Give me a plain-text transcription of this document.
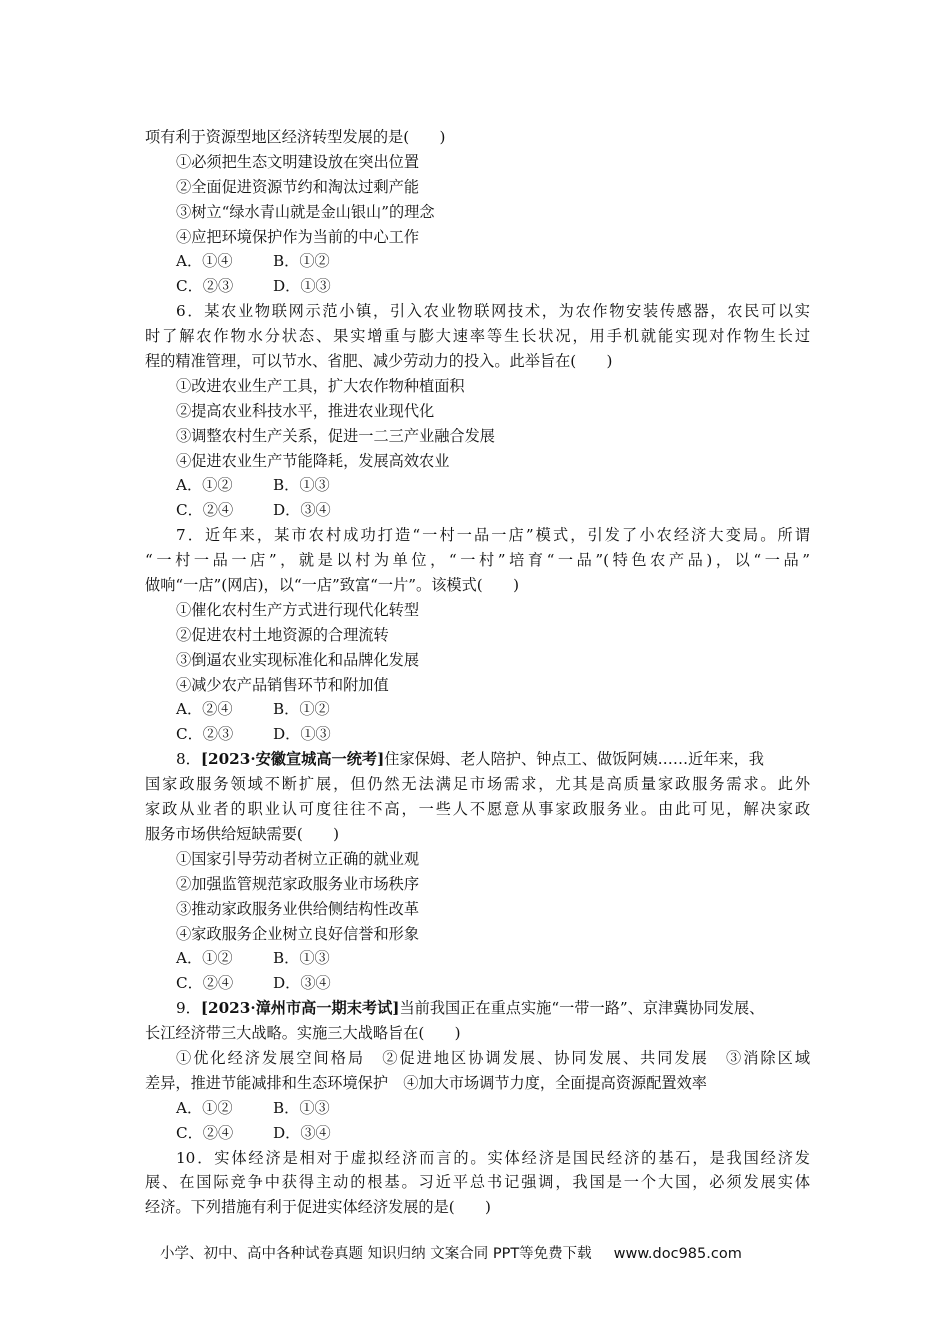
项有利于资源型地区经济转型发展的是(　　)
①必须把生态文明建设放在突出位置
②全面促进资源节约和淘汰过剩产能
③树立“绿水青山就是金山银山”的理念
④应把环境保护作为当前的中心工作
A．①④	B．①②
C．②③	D．①③
6．某农业物联网示范小镇，引入农业物联网技术，为农作物安装传感器，农民可以实
时了解农作物水分状态、果实增重与膨大速率等生长状况，用手机就能实现对作物生长过
程的精准管理，可以节水、省肥、减少劳动力的投入。此举旨在(　　)
①改进农业生产工具，扩大农作物种植面积
②提高农业科技水平，推进农业现代化
③调整农村生产关系，促进一二三产业融合发展
④促进农业生产节能降耗，发展高效农业
A．①②	B．①③
C．②④	D．③④
7．近年来，某市农村成功打造“一村一品一店”模式，引发了小农经济大变局。所谓
“一村一品一店”，就是以村为单位，“一村”培育“一品”(特色农产品)，以“一品”
做响“一店”(网店)，以“一店”致富“一片”。该模式(　　)
①催化农村生产方式进行现代化转型
②促进农村土地资源的合理流转
③倒逼农业实现标准化和品牌化发展
④减少农产品销售环节和附加值
A．②④	B．①②
C．②③	D．①③
8．[2023·安徽宣城高一统考]住家保姆、老人陪护、钟点工、做饭阿姨……近年来，我
国家政服务领域不断扩展，但仍然无法满足市场需求，尤其是高质量家政服务需求。此外
家政从业者的职业认可度往往不高，一些人不愿意从事家政服务业。由此可见，解决家政
服务市场供给短缺需要(　　)
①国家引导劳动者树立正确的就业观
②加强监管规范家政服务业市场秩序
③推动家政服务业供给侧结构性改革
④家政服务企业树立良好信誉和形象
A．①②	B．①③
C．②④	D．③④
9．[2023·漳州市高一期末考试]当前我国正在重点实施“一带一路”、京津冀协同发展、
长江经济带三大战略。实施三大战略旨在(　　)
①优化经济发展空间格局　②促进地区协调发展、协同发展、共同发展　③消除区域
差异，推进节能减排和生态环境保护　④加大市场调节力度，全面提高资源配置效率
A．①②	B．①③
C．②④	D．③④
10．实体经济是相对于虚拟经济而言的。实体经济是国民经济的基石，是我国经济发
展、在国际竞争中获得主动的根基。习近平总书记强调，我国是一个大国，必须发展实体
经济。下列措施有利于促进实体经济发展的是(　　)
小学、初中、高中各种试卷真题 知识归纳 文案合同 PPT等免费下载 www.doc985.com
